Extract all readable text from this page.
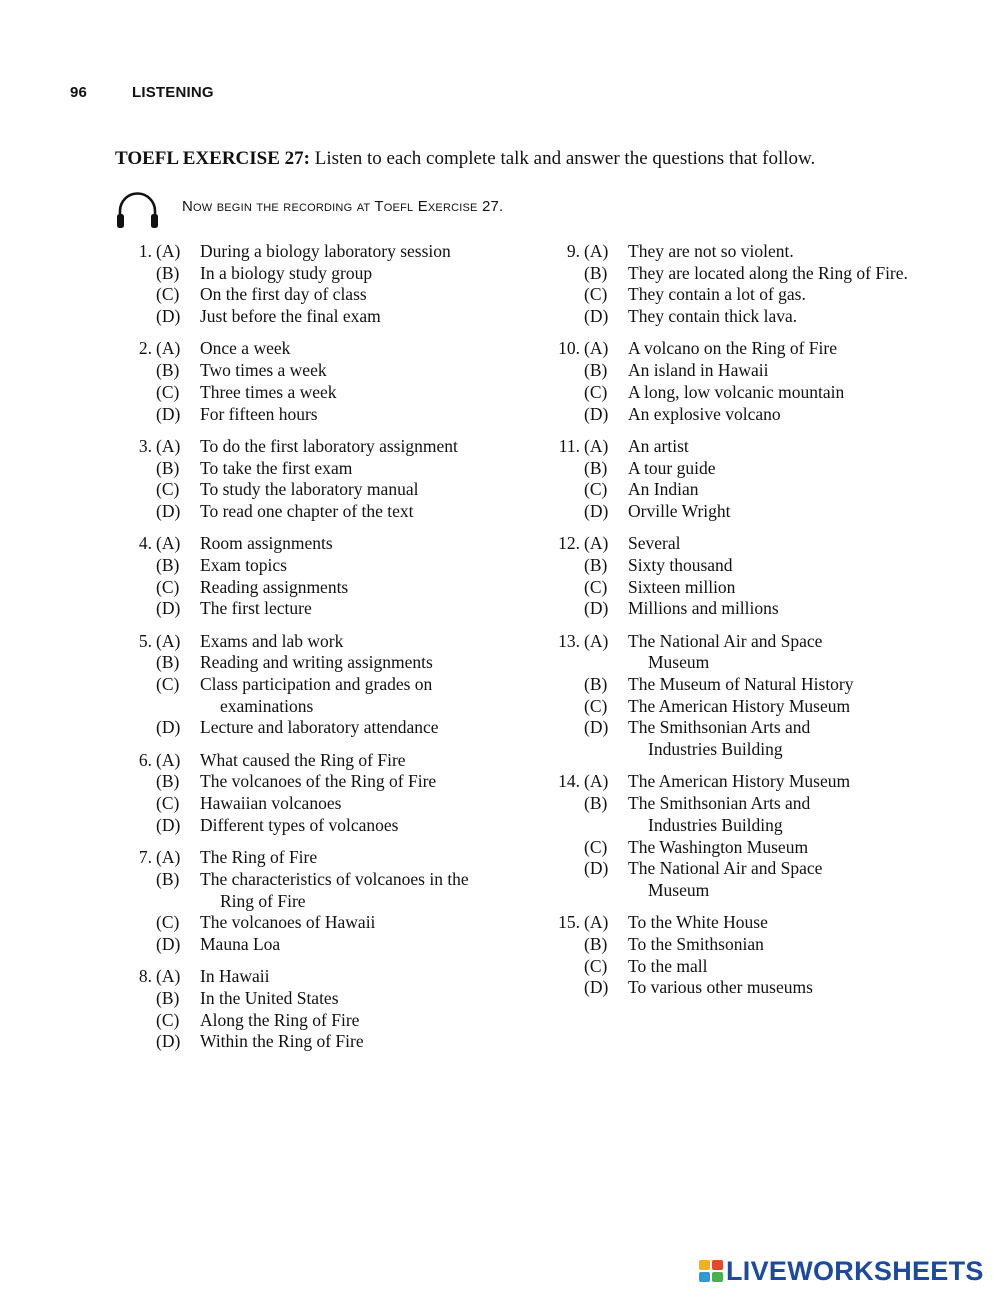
96	LISTENING
TOEFL EXERCISE 27: Listen to each complete talk and answer the questions that follow.
Now begin the recording at Toefl Exercise 27.
1. (A)	During a biology laboratory session
(B)	In a biology study group
(C)	On the first day of class
(D)	Just before the final exam
2. (A)	Once a week
(B)	Two times a week
(C)	Three times a week
(D)	For fifteen hours
3. (A)	To do the first laboratory assignment
(B)	To take the first exam
(C)	To study the laboratory manual
(D)	To read one chapter of the text
4. (A)	Room assignments
(B)	Exam topics
(C)	Reading assignments
(D)	The first lecture
5. (A)	Exams and lab work
(B)	Reading and writing assignments
(C)	Class participation and grades on examinations
(D)	Lecture and laboratory attendance
6. (A)	What caused the Ring of Fire
(B)	The volcanoes of the Ring of Fire
(C)	Hawaiian volcanoes
(D)	Different types of volcanoes
7. (A)	The Ring of Fire
(B)	The characteristics of volcanoes in the Ring of Fire
(C)	The volcanoes of Hawaii
(D)	Mauna Loa
8. (A)	In Hawaii
(B)	In the United States
(C)	Along the Ring of Fire
(D)	Within the Ring of Fire
9. (A)	They are not so violent.
(B)	They are located along the Ring of Fire.
(C)	They contain a lot of gas.
(D)	They contain thick lava.
10. (A)	A volcano on the Ring of Fire
(B)	An island in Hawaii
(C)	A long, low volcanic mountain
(D)	An explosive volcano
11. (A)	An artist
(B)	A tour guide
(C)	An Indian
(D)	Orville Wright
12. (A)	Several
(B)	Sixty thousand
(C)	Sixteen million
(D)	Millions and millions
13. (A)	The National Air and Space Museum
(B)	The Museum of Natural History
(C)	The American History Museum
(D)	The Smithsonian Arts and Industries Building
14. (A)	The American History Museum
(B)	The Smithsonian Arts and Industries Building
(C)	The Washington Museum
(D)	The National Air and Space Museum
15. (A)	To the White House
(B)	To the Smithsonian
(C)	To the mall
(D)	To various other museums
LIVEWORKSHEETS
